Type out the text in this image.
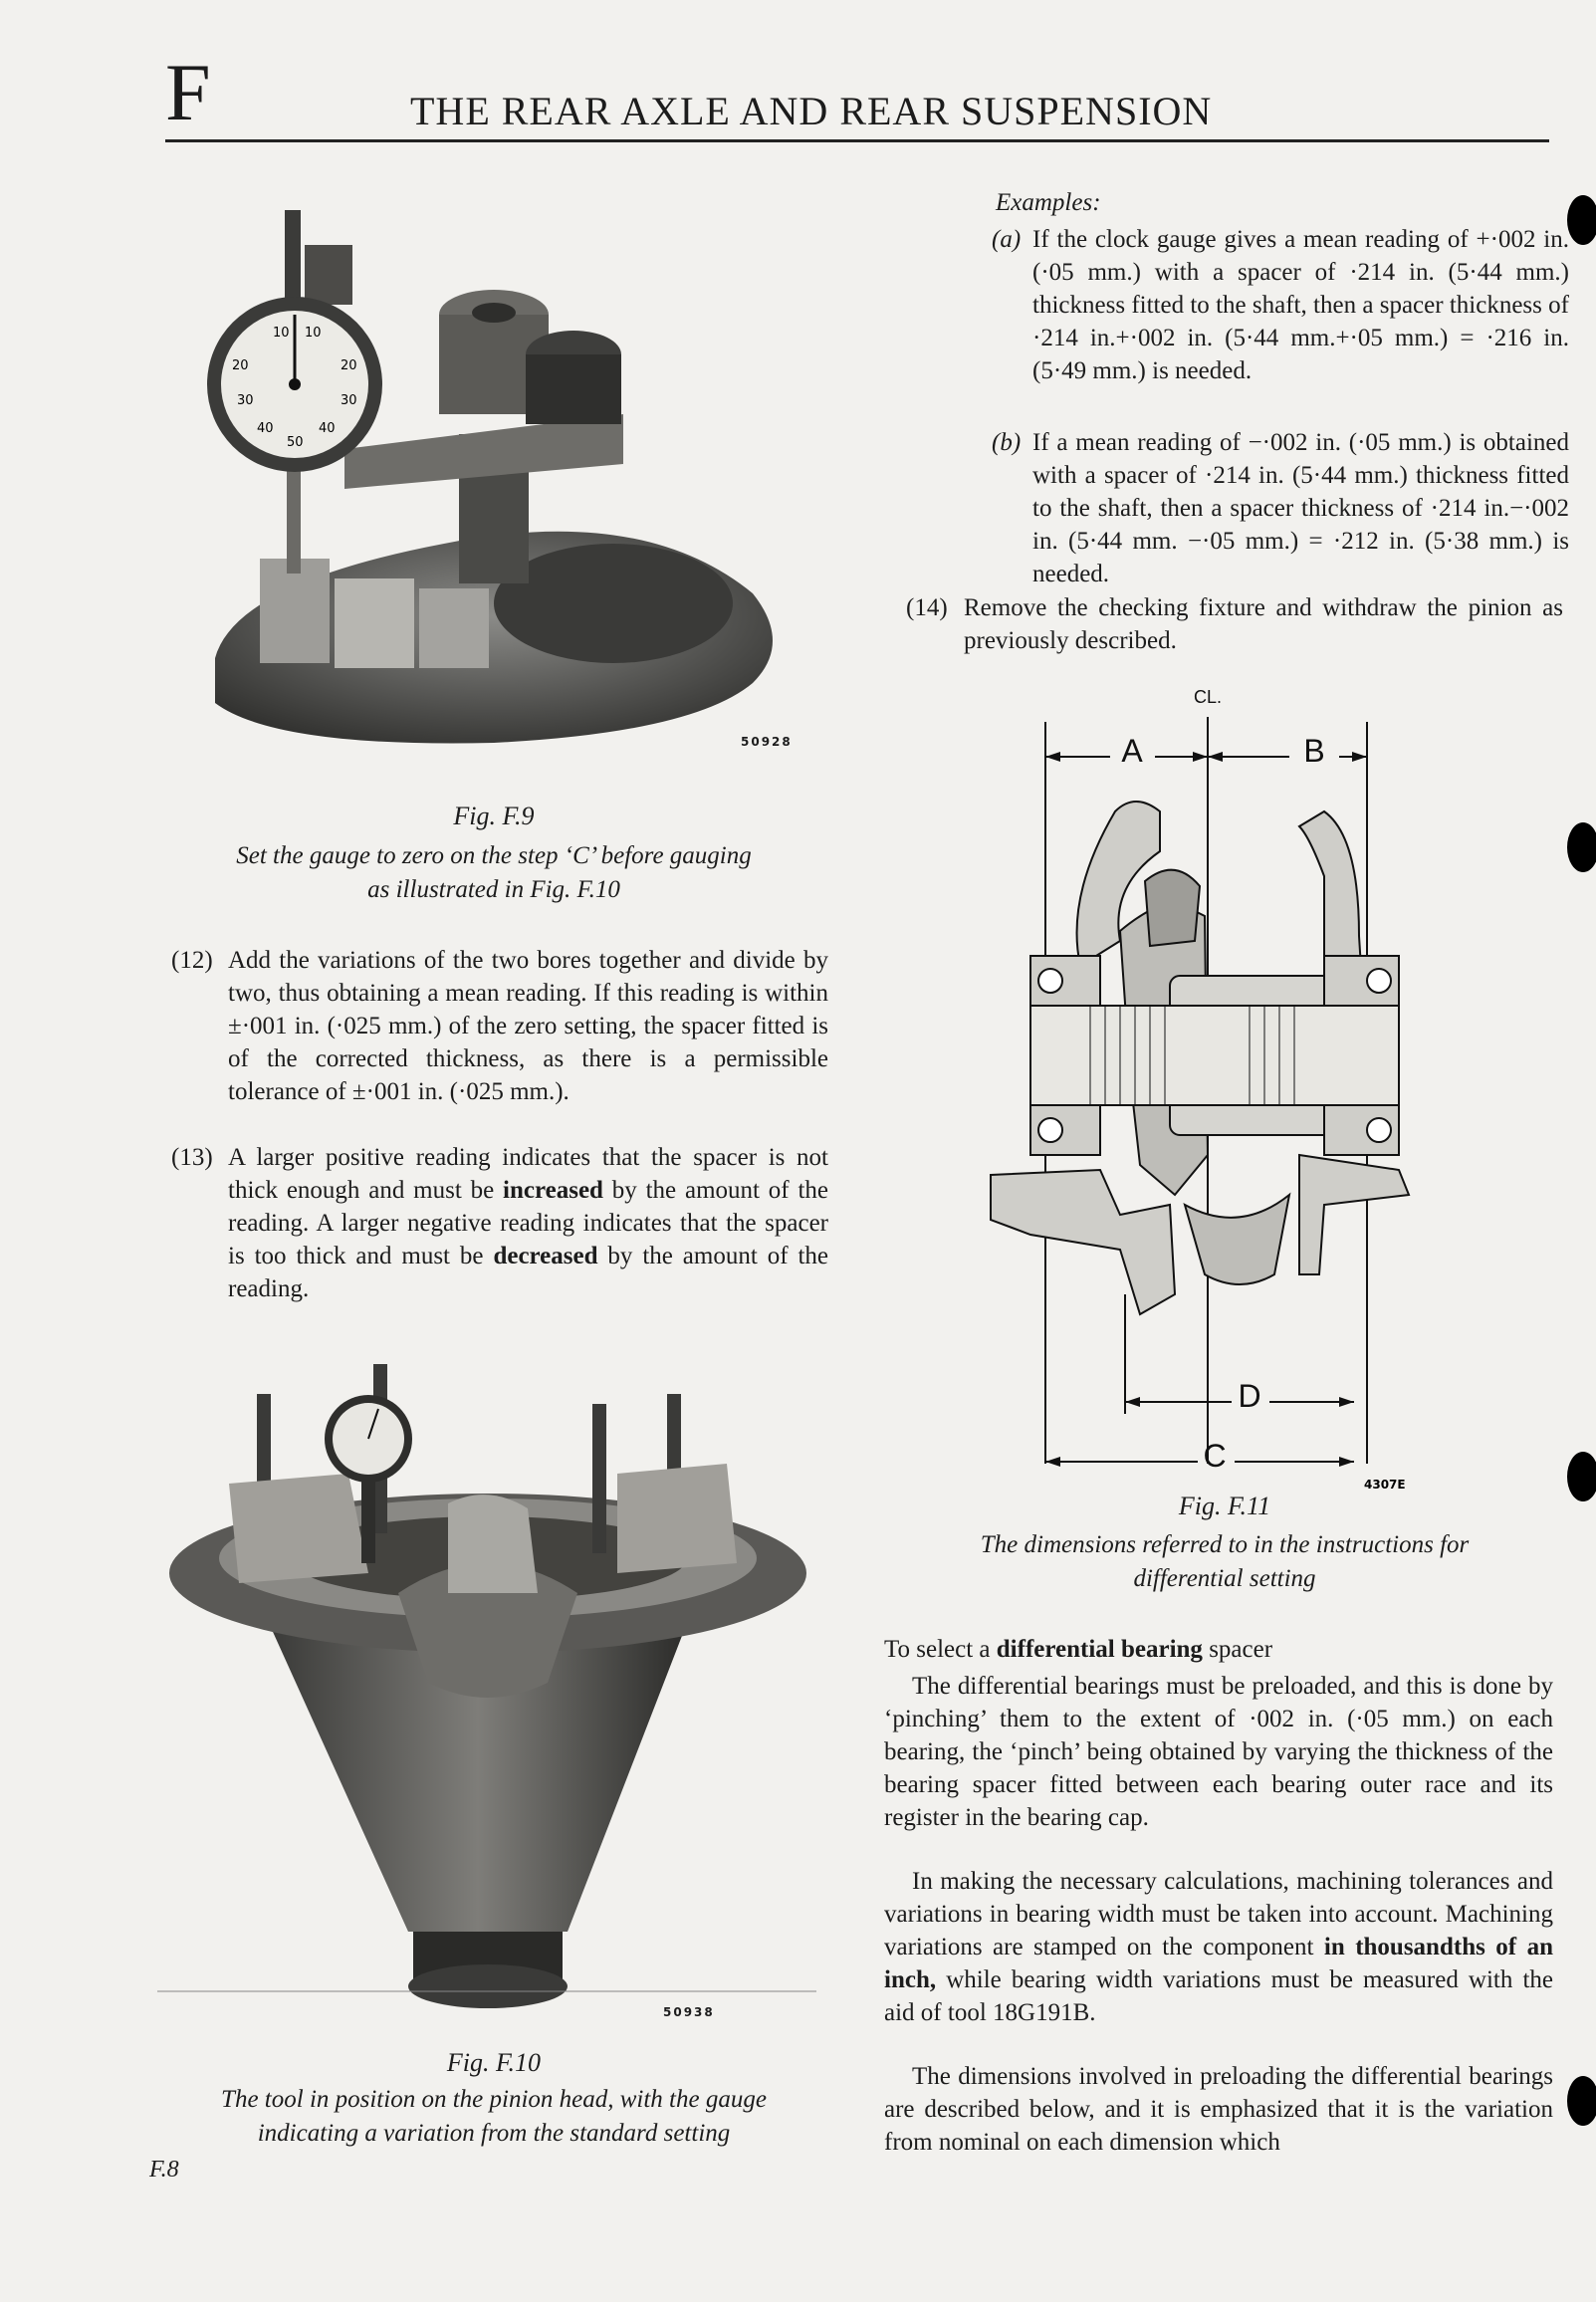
F	THE REAR AXLE AND REAR SUSPENSION
10 10
20	20
30	30
40	40
50
50928
Fig. F.9
Set the gauge to zero on the step ‘C’ before gauging
as illustrated in Fig. F.10
(12) Add the variations of the two bores together and divide by two, thus obtaining a mean reading. If this reading is within ±·001 in. (·025 mm.) of the zero setting, the spacer fitted is of the corrected thickness, as there is a permissible tolerance of ±·001 in. (·025 mm.).
(13) A larger positive reading indicates that the spacer is not thick enough and must be increased by the amount of the reading. A larger negative reading indicates that the spacer is too thick and must be decreased by the amount of the reading.
50938
Fig. F.10
The tool in position on the pinion head, with the gauge
indicating a variation from the standard setting
F.8
Examples:
(a) If the clock gauge gives a mean reading of +·002 in. (·05 mm.) with a spacer of ·214 in. (5·44 mm.) thickness fitted to the shaft, then a spacer thickness of ·214 in.+·002 in. (5·44 mm.+·05 mm.) = ·216 in. (5·49 mm.) is needed.
(b) If a mean reading of −·002 in. (·05 mm.) is obtained with a spacer of ·214 in. (5·44 mm.) thickness fitted to the shaft, then a spacer thickness of ·214 in.−·002 in. (5·44 mm. −·05 mm.) = ·212 in. (5·38 mm.) is needed.
(14) Remove the checking fixture and withdraw the pinion as previously described.
CL.
A	B
D
C
4307E
Fig. F.11
The dimensions referred to in the instructions for
differential setting
To select a differential bearing spacer
The differential bearings must be preloaded, and this is done by ‘pinching’ them to the extent of ·002 in. (·05 mm.) on each bearing, the ‘pinch’ being obtained by varying the thickness of the bearing spacer fitted between each bearing outer race and its register in the bearing cap.
In making the necessary calculations, machining tolerances and variations in bearing width must be taken into account. Machining variations are stamped on the component in thousandths of an inch, while bearing width variations must be measured with the aid of tool 18G191B.
The dimensions involved in preloading the differential bearings are described below, and it is emphasized that it is the variation from nominal on each dimension which
